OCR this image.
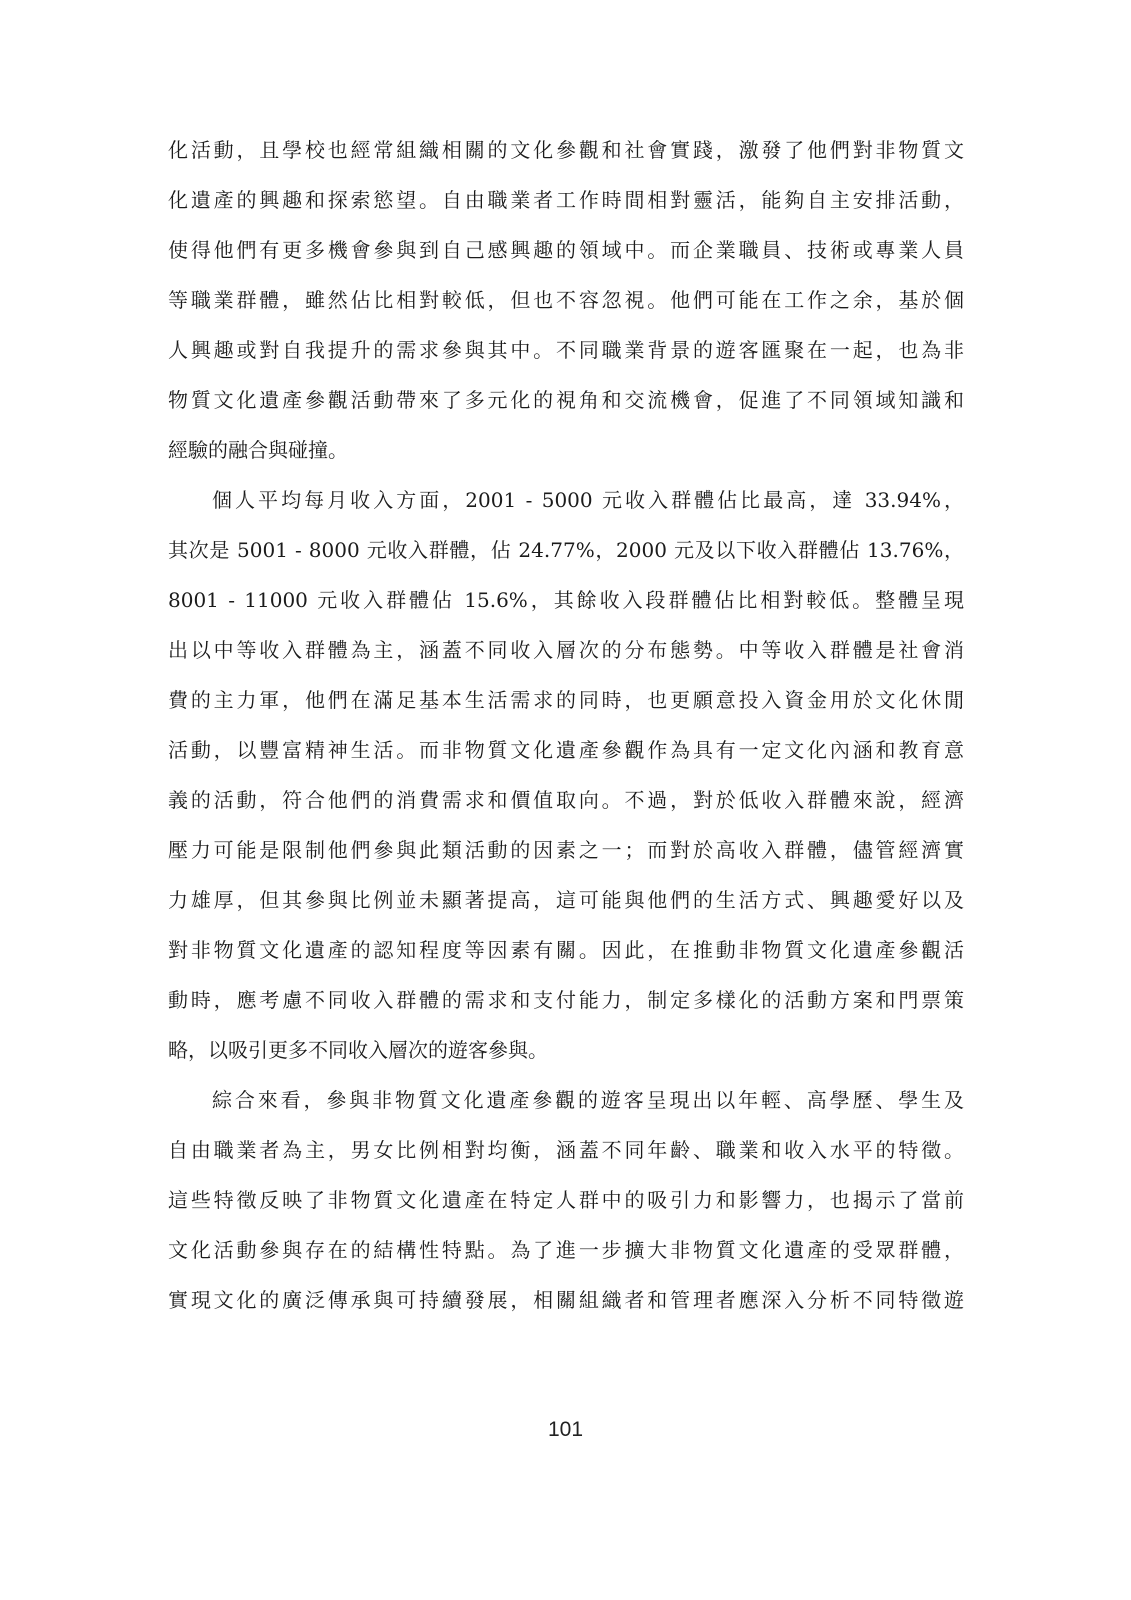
化活動，且學校也經常組織相關的文化參觀和社會實踐，激發了他們對非物質文
化遺產的興趣和探索慾望。自由職業者工作時間相對靈活，能夠自主安排活動，
使得他們有更多機會參與到自己感興趣的領域中。而企業職員、技術或專業人員
等職業群體，雖然佔比相對較低，但也不容忽視。他們可能在工作之余，基於個
人興趣或對自我提升的需求參與其中。不同職業背景的遊客匯聚在一起，也為非
物質文化遺產參觀活動帶來了多元化的視角和交流機會，促進了不同領域知識和
經驗的融合與碰撞。
個人平均每月收入方面，2001 - 5000 元收入群體佔比最高，達 33.94%，
其次是 5001 - 8000 元收入群體，佔 24.77%，2000 元及以下收入群體佔 13.76%，
8001 - 11000 元收入群體佔 15.6%，其餘收入段群體佔比相對較低。整體呈現
出以中等收入群體為主，涵蓋不同收入層次的分布態勢。中等收入群體是社會消
費的主力軍，他們在滿足基本生活需求的同時，也更願意投入資金用於文化休閒
活動，以豐富精神生活。而非物質文化遺產參觀作為具有一定文化內涵和教育意
義的活動，符合他們的消費需求和價值取向。不過，對於低收入群體來說，經濟
壓力可能是限制他們參與此類活動的因素之一；而對於高收入群體，儘管經濟實
力雄厚，但其參與比例並未顯著提高，這可能與他們的生活方式、興趣愛好以及
對非物質文化遺產的認知程度等因素有關。因此，在推動非物質文化遺產參觀活
動時，應考慮不同收入群體的需求和支付能力，制定多樣化的活動方案和門票策
略，以吸引更多不同收入層次的遊客參與。
綜合來看，參與非物質文化遺產參觀的遊客呈現出以年輕、高學歷、學生及
自由職業者為主，男女比例相對均衡，涵蓋不同年齡、職業和收入水平的特徵。
這些特徵反映了非物質文化遺產在特定人群中的吸引力和影響力，也揭示了當前
文化活動參與存在的結構性特點。為了進一步擴大非物質文化遺產的受眾群體，
實現文化的廣泛傳承與可持續發展，相關組織者和管理者應深入分析不同特徵遊
101
